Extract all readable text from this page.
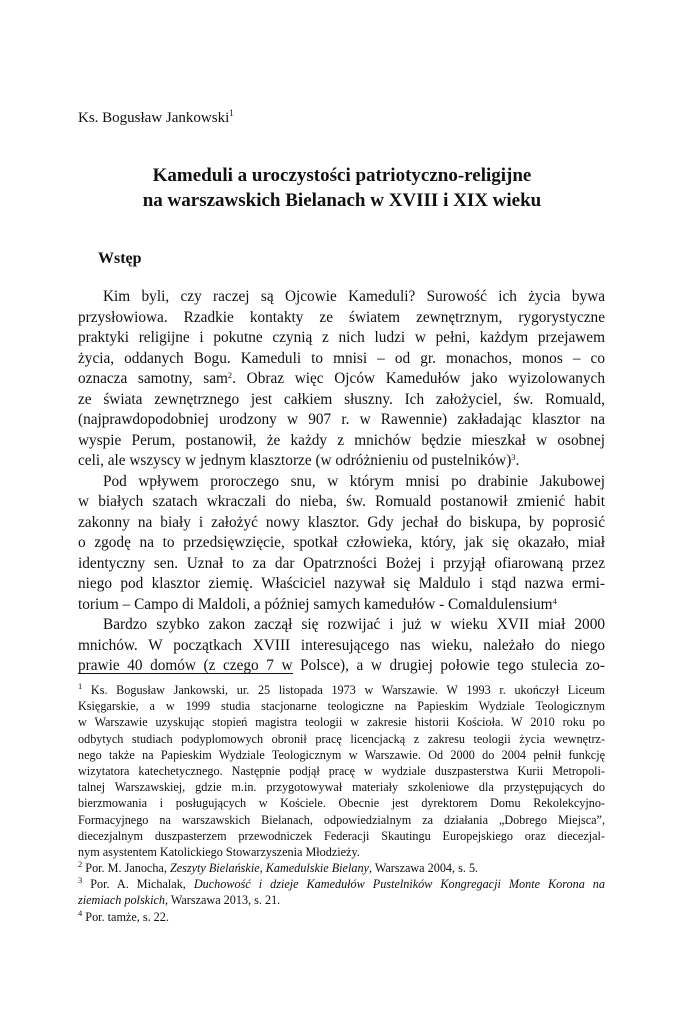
Ks. Bogusław Jankowski$^1$
Kameduli a uroczystości patriotyczno-religijne
na warszawskich Bielanach w XVIII i XIX wieku
Wstęp
Kim byli, czy raczej są Ojcowie Kameduli? Surowość ich życia bywa
przysłowiowa. Rzadkie kontakty ze światem zewnętrznym, rygorystyczne
praktyki religijne i pokutne czynią z nich ludzi w pełni, każdym przejawem
życia, oddanych Bogu. Kameduli to mnisi – od gr. monachos, monos – co
oznacza samotny, sam$^2$. Obraz więc Ojców Kamedułów jako wyizolowanych
ze świata zewnętrznego jest całkiem słuszny. Ich założyciel, św. Romuald,
(najprawdopodobniej urodzony w 907 r. w Rawennie) zakładając klasztor na
wyspie Perum, postanowił, że każdy z mnichów będzie mieszkał w osobnej
celi, ale wszyscy w jednym klasztorze (w odróżnieniu od pustelników)$^3$.
Pod wpływem proroczego snu, w którym mnisi po drabinie Jakubowej
w białych szatach wkraczali do nieba, św. Romuald postanowił zmienić habit
zakonny na biały i założyć nowy klasztor. Gdy jechał do biskupa, by poprosić
o zgodę na to przedsięwzięcie, spotkał człowieka, który, jak się okazało, miał
identyczny sen. Uznał to za dar Opatrzności Bożej i przyjął ofiarowaną przez
niego pod klasztor ziemię. Właściciel nazywał się Maldulo i stąd nazwa ermi-
torium – Campo di Maldoli, a później samych kamedułów - Comaldulensium$^4$
Bardzo szybko zakon zaczął się rozwijać i już w wieku XVII miał 2000
mnichów. W początkach XVIII interesującego nas wieku, należało do niego
prawie 40 domów (z czego 7 w Polsce), a w drugiej połowie tego stulecia zo-
$^1$ Ks. Bogusław Jankowski, ur. 25 listopada 1973 w Warszawie. W 1993 r. ukończył Liceum
Księgarskie, a w 1999 studia stacjonarne teologiczne na Papieskim Wydziale Teologicznym
w Warszawie uzyskując stopień magistra teologii w zakresie historii Kościoła. W 2010 roku po
odbytych studiach podyplomowych obronił pracę licencjacką z zakresu teologii życia wewnętrz-
nego także na Papieskim Wydziale Teologicznym w Warszawie. Od 2000 do 2004 pełnił funkcję
wizytatora katechetycznego. Następnie podjął pracę w wydziale duszpasterstwa Kurii Metropoli-
talnej Warszawskiej, gdzie m.in. przygotowywał materiały szkoleniowe dla przystępujących do
bierzmowania i posługujących w Kościele. Obecnie jest dyrektorem Domu Rekolekcyjno-
Formacyjnego na warszawskich Bielanach, odpowiedzialnym za działania „Dobrego Miejsca”,
diecezjalnym duszpasterzem przewodniczek Federacji Skautingu Europejskiego oraz diecezjal-
nym asystentem Katolickiego Stowarzyszenia Młodzieży.
$^2$ Por. M. Janocha, Zeszyty Bielańskie, Kamedulskie Bielany, Warszawa 2004, s. 5.
$^3$ Por. A. Michalak, Duchowość i dzieje Kamedułów Pustelników Kongregacji Monte Korona na
ziemiach polskich, Warszawa 2013, s. 21.
$^4$ Por. tamże, s. 22.
